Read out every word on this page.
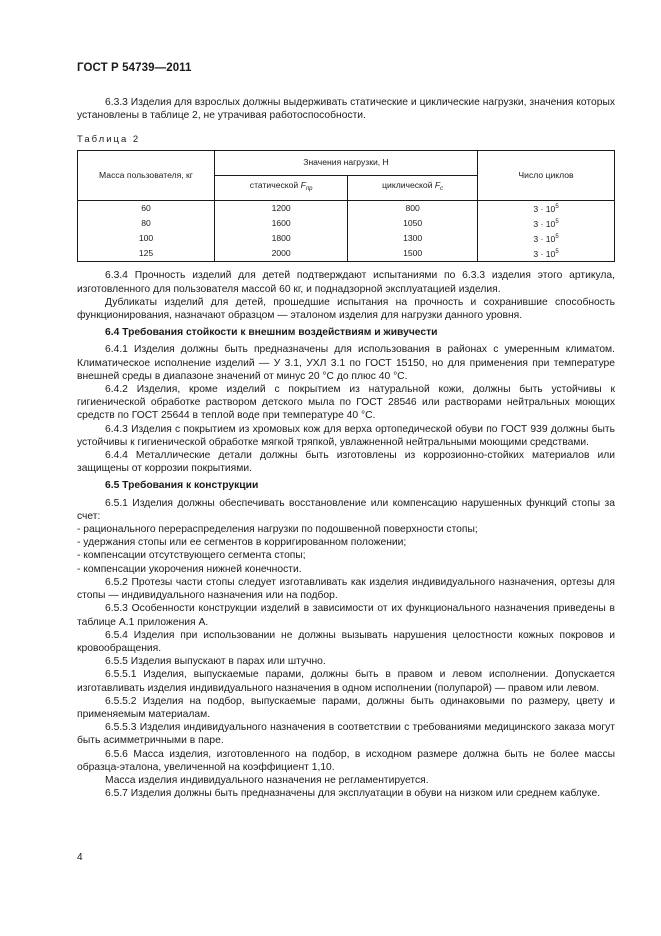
ГОСТ Р 54739—2011

6.3.3 Изделия для взрослых должны выдерживать статические и циклические нагрузки, значения которых установлены в таблице 2, не утрачивая работоспособности.

Таблица 2

Масса пользователя, кг	Значения нагрузки, Н		Число циклов
	статической $F_{пр}$	циклической $F_с$
60	1200	800	$3 \cdot 10^5$
80	1600	1050	$3 \cdot 10^5$
100	1800	1300	$3 \cdot 10^5$
125	2000	1500	$3 \cdot 10^5$

6.3.4 Прочность изделий для детей подтверждают испытаниями по 6.3.3 изделия этого артикула, изготовленного для пользователя массой 60 кг, и поднадзорной эксплуатацией изделия.

Дубликаты изделий для детей, прошедшие испытания на прочность и сохранившие способность функционирования, назначают образцом — эталоном изделия для нагрузки данного уровня.

6.4 Требования стойкости к внешним воздействиям и живучести

6.4.1 Изделия должны быть предназначены для использования в районах с умеренным климатом. Климатическое исполнение изделий — У 3.1, УХЛ 3.1 по ГОСТ 15150, но для применения при температуре внешней среды в диапазоне значений от минус 20 °С до плюс 40 °С.

6.4.2 Изделия, кроме изделий с покрытием из натуральной кожи, должны быть устойчивы к гигиенической обработке раствором детского мыла по ГОСТ 28546 или растворами нейтральных моющих средств по ГОСТ 25644 в теплой воде при температуре 40 °С.

6.4.3 Изделия с покрытием из хромовых кож для верха ортопедической обуви по ГОСТ 939 должны быть устойчивы к гигиенической обработке мягкой тряпкой, увлажненной нейтральными моющими средствами.

6.4.4 Металлические детали должны быть изготовлены из коррозионно-стойких материалов или защищены от коррозии покрытиями.

6.5 Требования к конструкции

6.5.1 Изделия должны обеспечивать восстановление или компенсацию нарушенных функций стопы за счет:

- рационального перераспределения нагрузки по подошвенной поверхности стопы;

- удержания стопы или ее сегментов в корригированном положении;

- компенсации отсутствующего сегмента стопы;

- компенсации укорочения нижней конечности.

6.5.2 Протезы части стопы следует изготавливать как изделия индивидуального назначения, ортезы для стопы — индивидуального назначения или на подбор.

6.5.3 Особенности конструкции изделий в зависимости от их функционального назначения приведены в таблице А.1 приложения А.

6.5.4 Изделия при использовании не должны вызывать нарушения целостности кожных покровов и кровообращения.

6.5.5 Изделия выпускают в парах или штучно.

6.5.5.1 Изделия, выпускаемые парами, должны быть в правом и левом исполнении. Допускается изготавливать изделия индивидуального назначения в одном исполнении (полупарой) — правом или левом.

6.5.5.2 Изделия на подбор, выпускаемые парами, должны быть одинаковыми по размеру, цвету и применяемым материалам.

6.5.5.3 Изделия индивидуального назначения в соответствии с требованиями медицинского заказа могут быть асимметричными в паре.

6.5.6 Масса изделия, изготовленного на подбор, в исходном размере должна быть не более массы образца-эталона, увеличенной на коэффициент 1,10.

Масса изделия индивидуального назначения не регламентируется.

6.5.7 Изделия должны быть предназначены для эксплуатации в обуви на низком или среднем каблуке.

4
